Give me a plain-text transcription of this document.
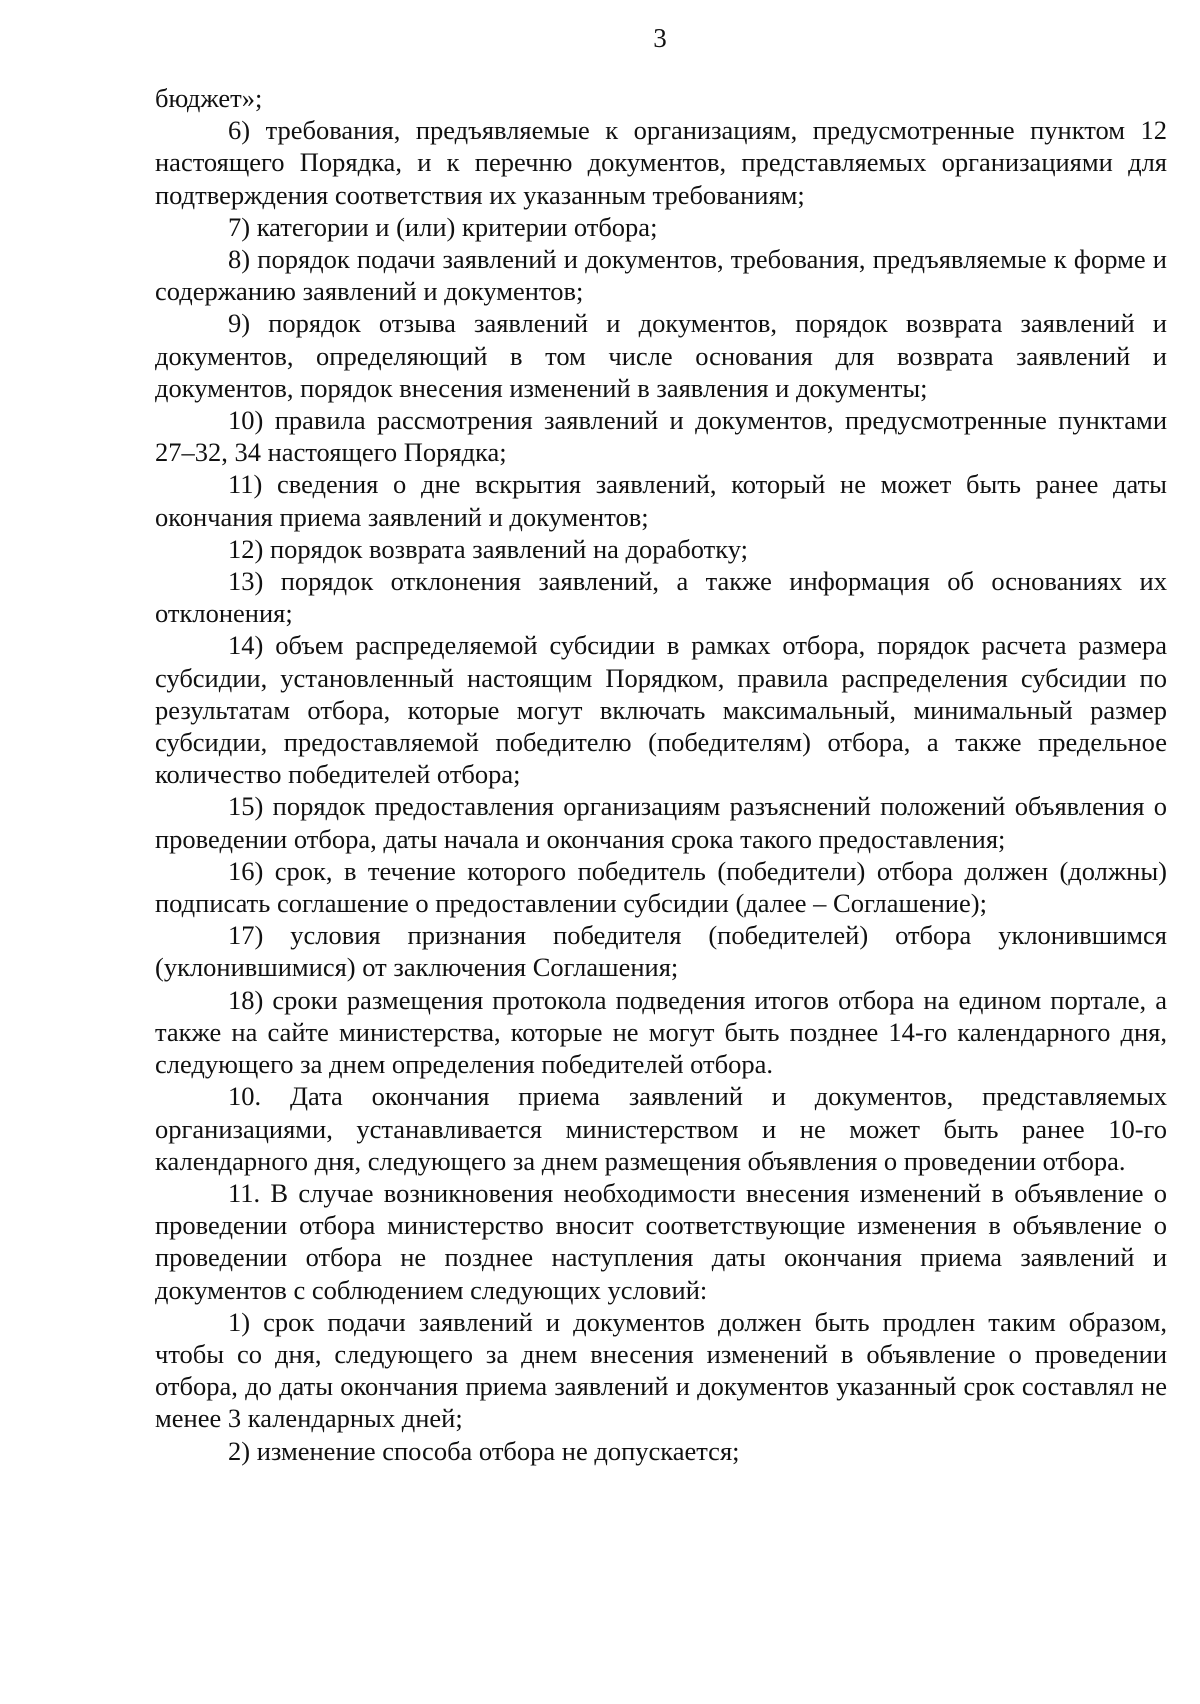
3

бюджет»;

6) требования, предъявляемые к организациям, предусмотренные пунктом 12 настоящего Порядка, и к перечню документов, представляемых организациями для подтверждения соответствия их указанным требованиям;

7) категории и (или) критерии отбора;

8) порядок подачи заявлений и документов, требования, предъявляемые к форме и содержанию заявлений и документов;

9) порядок отзыва заявлений и документов, порядок возврата заявлений и документов, определяющий в том числе основания для возврата заявлений и документов, порядок внесения изменений в заявления и документы;

10) правила рассмотрения заявлений и документов, предусмотренные пунктами 27–32, 34 настоящего Порядка;

11) сведения о дне вскрытия заявлений, который не может быть ранее даты окончания приема заявлений и документов;

12) порядок возврата заявлений на доработку;

13) порядок отклонения заявлений, а также информация об основаниях их отклонения;

14) объем распределяемой субсидии в рамках отбора, порядок расчета размера субсидии, установленный настоящим Порядком, правила распределения субсидии по результатам отбора, которые могут включать максимальный, минимальный размер субсидии, предоставляемой победителю (победителям) отбора, а также предельное количество победителей отбора;

15) порядок предоставления организациям разъяснений положений объявления о проведении отбора, даты начала и окончания срока такого предоставления;

16) срок, в течение которого победитель (победители) отбора должен (должны) подписать соглашение о предоставлении субсидии (далее – Соглашение);

17) условия признания победителя (победителей) отбора уклонившимся (уклонившимися) от заключения Соглашения;

18) сроки размещения протокола подведения итогов отбора на едином портале, а также на сайте министерства, которые не могут быть позднее 14-го календарного дня, следующего за днем определения победителей отбора.

10. Дата окончания приема заявлений и документов, представляемых организациями, устанавливается министерством и не может быть ранее 10-го календарного дня, следующего за днем размещения объявления о проведении отбора.

11. В случае возникновения необходимости внесения изменений в объявление о проведении отбора министерство вносит соответствующие изменения в объявление о проведении отбора не позднее наступления даты окончания приема заявлений и документов с соблюдением следующих условий:

1) срок подачи заявлений и документов должен быть продлен таким образом, чтобы со дня, следующего за днем внесения изменений в объявление о проведении отбора, до даты окончания приема заявлений и документов указанный срок составлял не менее 3 календарных дней;

2) изменение способа отбора не допускается;
